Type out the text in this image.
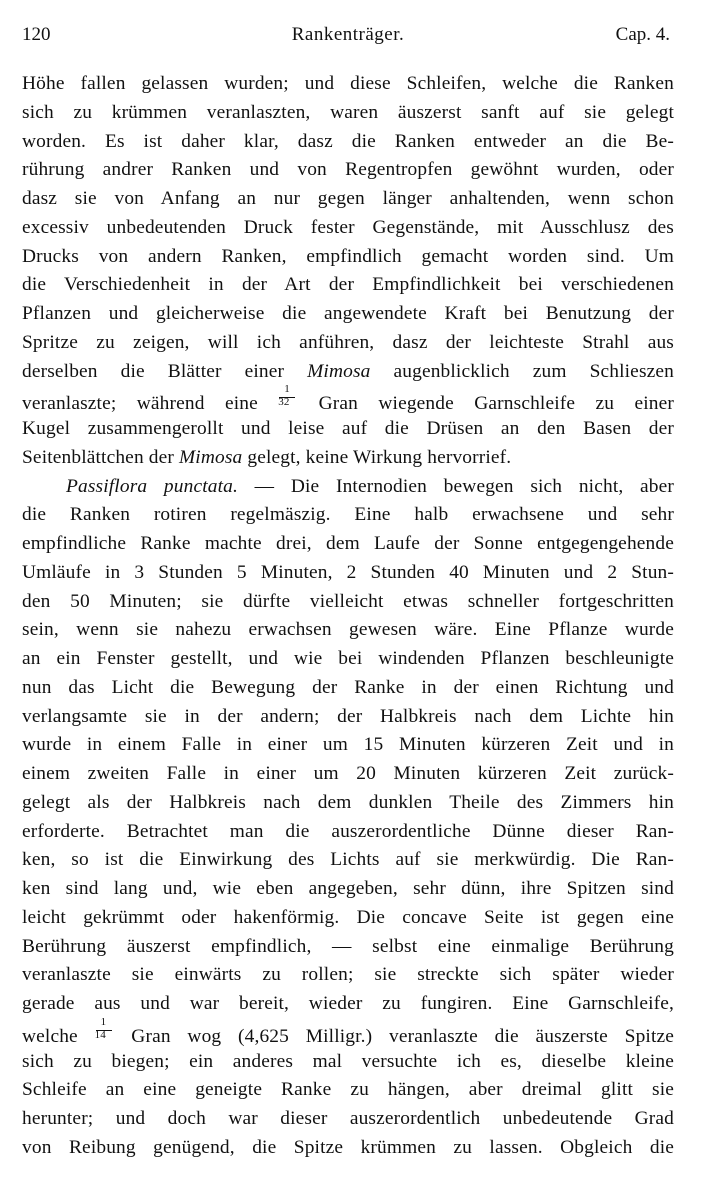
120	Rankenträger.	Cap. 4.
Höhe fallen gelassen wurden; und diese Schleifen, welche die Ranken
sich zu krümmen veranlaszten, waren äuszerst sanft auf sie gelegt
worden. Es ist daher klar, dasz die Ranken entweder an die Be-
rührung andrer Ranken und von Regentropfen gewöhnt wurden, oder
dasz sie von Anfang an nur gegen länger anhaltenden, wenn schon
excessiv unbedeutenden Druck fester Gegenstände, mit Ausschlusz des
Drucks von andern Ranken, empfindlich gemacht worden sind. Um
die Verschiedenheit in der Art der Empfindlichkeit bei verschiedenen
Pflanzen und gleicherweise die angewendete Kraft bei Benutzung der
Spritze zu zeigen, will ich anführen, dasz der leichteste Strahl aus
derselben die Blätter einer Mimosa augenblicklich zum Schlieszen
veranlaszte; während eine $\frac{1}{32}$ Gran wiegende Garnschleife zu einer
Kugel zusammengerollt und leise auf die Drüsen an den Basen der
Seitenblättchen der Mimosa gelegt, keine Wirkung hervorrief.
Passiflora punctata. — Die Internodien bewegen sich nicht, aber
die Ranken rotiren regelmäszig. Eine halb erwachsene und sehr
empfindliche Ranke machte drei, dem Laufe der Sonne entgegengehende
Umläufe in 3 Stunden 5 Minuten, 2 Stunden 40 Minuten und 2 Stun-
den 50 Minuten; sie dürfte vielleicht etwas schneller fortgeschritten
sein, wenn sie nahezu erwachsen gewesen wäre. Eine Pflanze wurde
an ein Fenster gestellt, und wie bei windenden Pflanzen beschleunigte
nun das Licht die Bewegung der Ranke in der einen Richtung und
verlangsamte sie in der andern; der Halbkreis nach dem Lichte hin
wurde in einem Falle in einer um 15 Minuten kürzeren Zeit und in
einem zweiten Falle in einer um 20 Minuten kürzeren Zeit zurück-
gelegt als der Halbkreis nach dem dunklen Theile des Zimmers hin
erforderte. Betrachtet man die auszerordentliche Dünne dieser Ran-
ken, so ist die Einwirkung des Lichts auf sie merkwürdig. Die Ran-
ken sind lang und, wie eben angegeben, sehr dünn, ihre Spitzen sind
leicht gekrümmt oder hakenförmig. Die concave Seite ist gegen eine
Berührung äuszerst empfindlich, — selbst eine einmalige Berührung
veranlaszte sie einwärts zu rollen; sie streckte sich später wieder
gerade aus und war bereit, wieder zu fungiren. Eine Garnschleife,
welche $\frac{1}{14}$ Gran wog (4,625 Milligr.) veranlaszte die äuszerste Spitze
sich zu biegen; ein anderes mal versuchte ich es, dieselbe kleine
Schleife an eine geneigte Ranke zu hängen, aber dreimal glitt sie
herunter; und doch war dieser auszerordentlich unbedeutende Grad
von Reibung genügend, die Spitze krümmen zu lassen. Obgleich die
